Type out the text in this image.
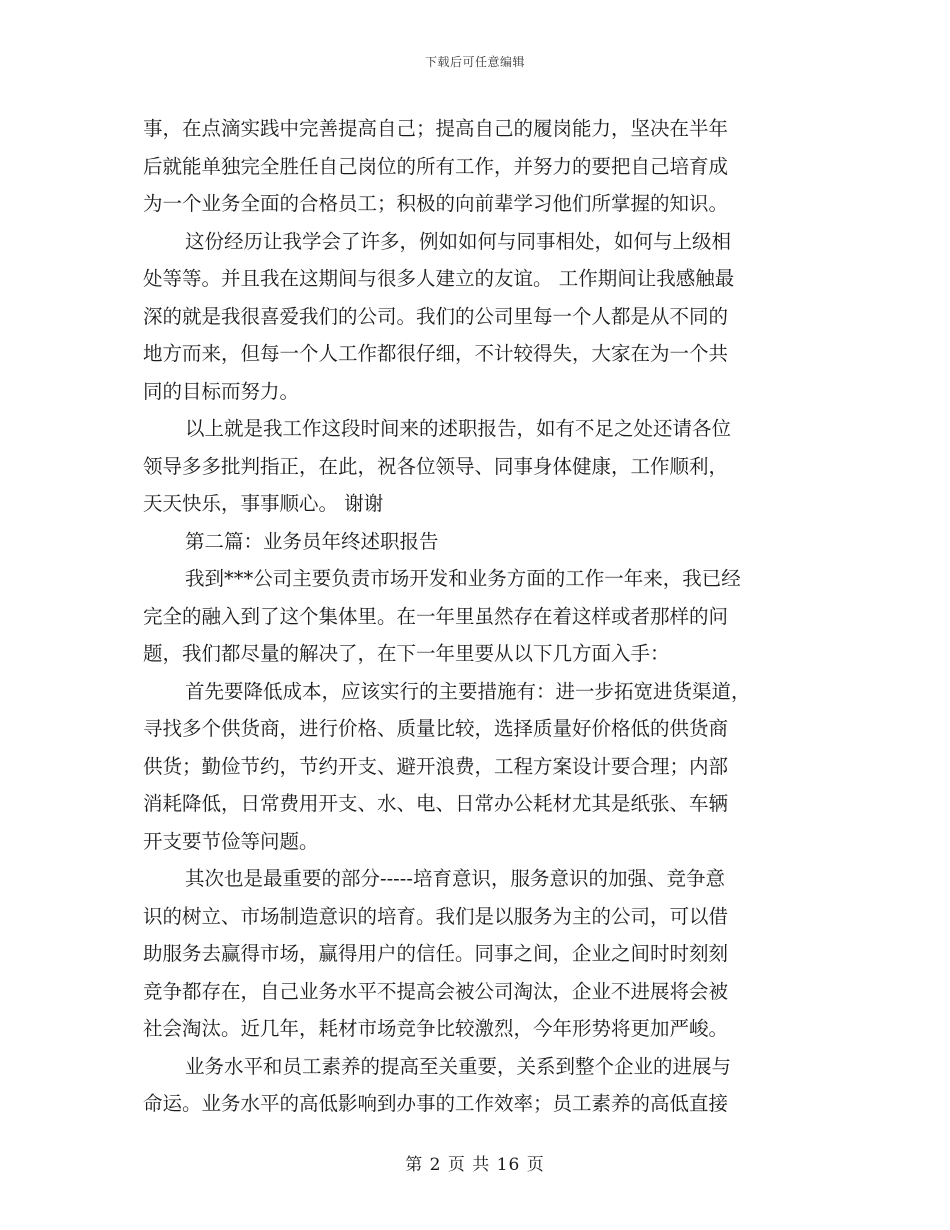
下载后可任意编辑
事，在点滴实践中完善提高自己；提高自己的履岗能力，坚决在半年
后就能单独完全胜任自己岗位的所有工作，并努力的要把自己培育成
为一个业务全面的合格员工；积极的向前辈学习他们所掌握的知识。
这份经历让我学会了许多，例如如何与同事相处，如何与上级相
处等等。并且我在这期间与很多人建立的友谊。 工作期间让我感触最
深的就是我很喜爱我们的公司。我们的公司里每一个人都是从不同的
地方而来，但每一个人工作都很仔细，不计较得失，大家在为一个共
同的目标而努力。
以上就是我工作这段时间来的述职报告，如有不足之处还请各位
领导多多批判指正，在此，祝各位领导、同事身体健康，工作顺利，
天天快乐，事事顺心。 谢谢
第二篇：业务员年终述职报告
我到***公司主要负责市场开发和业务方面的工作一年来，我已经
完全的融入到了这个集体里。在一年里虽然存在着这样或者那样的问
题，我们都尽量的解决了，在下一年里要从以下几方面入手：
首先要降低成本，应该实行的主要措施有：进一步拓宽进货渠道，
寻找多个供货商，进行价格、质量比较，选择质量好价格低的供货商
供货；勤俭节约，节约开支、避开浪费，工程方案设计要合理；内部
消耗降低，日常费用开支、水、电、日常办公耗材尤其是纸张、车辆
开支要节俭等问题。
其次也是最重要的部分-----培育意识，服务意识的加强、竞争意
识的树立、市场制造意识的培育。我们是以服务为主的公司，可以借
助服务去赢得市场，赢得用户的信任。同事之间，企业之间时时刻刻
竞争都存在，自己业务水平不提高会被公司淘汰，企业不进展将会被
社会淘汰。近几年，耗材市场竞争比较激烈，今年形势将更加严峻。
业务水平和员工素养的提高至关重要，关系到整个企业的进展与
命运。业务水平的高低影响到办事的工作效率；员工素养的高低直接
第 2 页 共 16 页
